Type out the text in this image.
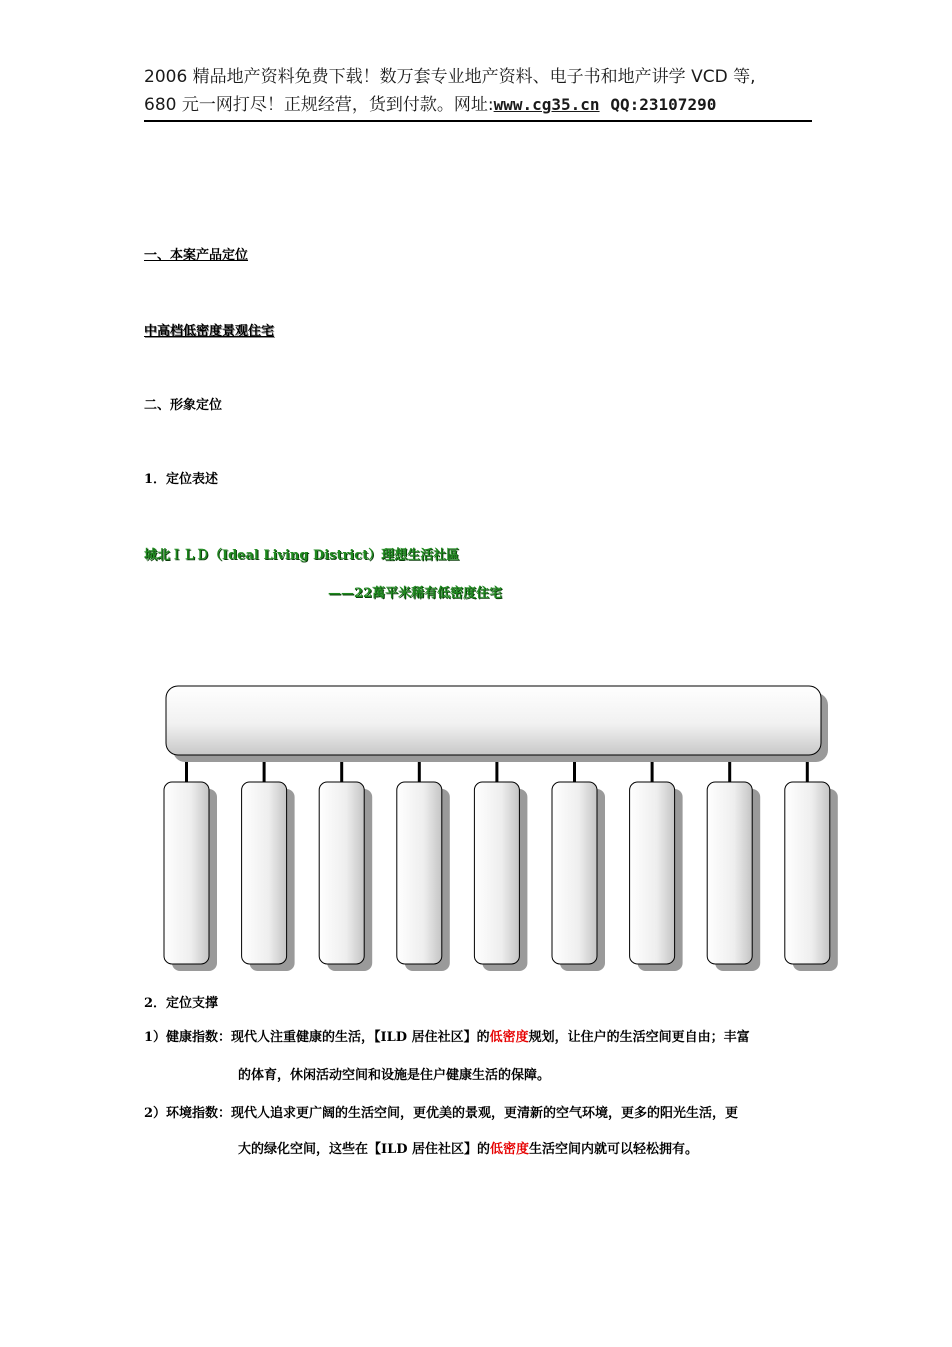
2006 精品地产资料免费下载！数万套专业地产资料、电子书和地产讲学 VCD 等,
680 元一网打尽！正规经营，货到付款。网址:www.cg35.cn QQ:23107290
一、本案产品定位
中高档低密度景观住宅
二、形象定位
1．定位表述
城北ＩＬＤ（Ideal Living District）理想生活社區
——22萬平米稀有低密度住宅
2．定位支撑
1）健康指数：现代人注重健康的生活，【ILD 居住社区】的低密度规划，让住户的生活空间更自由；丰富
的体育，休闲活动空间和设施是住户健康生活的保障。
2）环境指数：现代人追求更广阔的生活空间，更优美的景观，更清新的空气环境，更多的阳光生活，更
大的绿化空间，这些在【ILD 居住社区】的低密度生活空间内就可以轻松拥有。
